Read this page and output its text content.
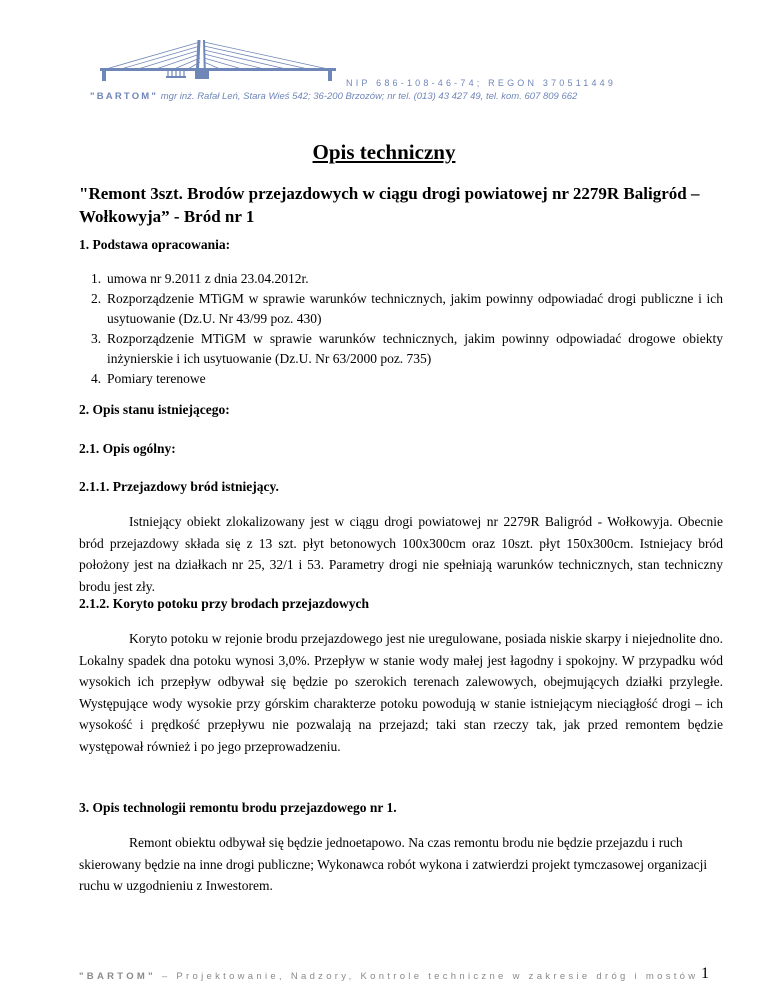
NIP 686-108-46-74; REGON 370511449
"BARTOM" mgr inż. Rafał Leń, Stara Wieś 542; 36-200 Brzozów; nr tel. (013) 43 427 49, tel. kom. 607 809 662
Opis techniczny
"Remont 3szt. Brodów przejazdowych w ciągu drogi powiatowej nr 2279R Baligród – Wołkowyja” - Bród nr 1
1. Podstawa opracowania:
1. umowa nr 9.2011 z dnia 23.04.2012r.
2. Rozporządzenie MTiGM w sprawie warunków technicznych, jakim powinny odpowiadać drogi publiczne i ich usytuowanie (Dz.U. Nr 43/99 poz. 430)
3. Rozporządzenie MTiGM w sprawie warunków technicznych, jakim powinny odpowiadać drogowe obiekty inżynierskie i ich usytuowanie (Dz.U. Nr 63/2000 poz. 735)
4. Pomiary terenowe
2. Opis stanu istniejącego:
2.1. Opis ogólny:
2.1.1. Przejazdowy bród istniejący.
Istniejący obiekt zlokalizowany jest w ciągu drogi powiatowej nr 2279R Baligród - Wołkowyja. Obecnie bród przejazdowy składa się z 13 szt. płyt betonowych 100x300cm oraz 10szt. płyt 150x300cm. Istniejacy bród położony jest na działkach nr 25, 32/1 i 53. Parametry drogi nie spełniają warunków technicznych, stan techniczny brodu jest zły.
2.1.2. Koryto potoku przy brodach przejazdowych
Koryto potoku w rejonie brodu przejazdowego jest nie uregulowane, posiada niskie skarpy i niejednolite dno. Lokalny spadek dna potoku wynosi 3,0%. Przepływ w stanie wody małej jest łagodny i spokojny. W przypadku wód wysokich ich przepływ odbywał się będzie po szerokich terenach zalewowych, obejmujących działki przyległe. Występujące wody wysokie przy górskim charakterze potoku powodują w stanie istniejącym nieciągłość drogi – ich wysokość i prędkość przepływu nie pozwalają na przejazd; taki stan rzeczy tak, jak przed remontem będzie występował również i po jego przeprowadzeniu.
3. Opis technologii remontu brodu przejazdowego nr 1.
Remont obiektu odbywał się będzie jednoetapowo. Na czas remontu brodu nie będzie przejazdu i ruch skierowany będzie na inne drogi publiczne; Wykonawca robót wykona i zatwierdzi projekt tymczasowej organizacji ruchu w uzgodnieniu z Inwestorem.
"BARTOM" – Projektowanie, Nadzory, Kontrole techniczne w zakresie dróg i mostów 1
